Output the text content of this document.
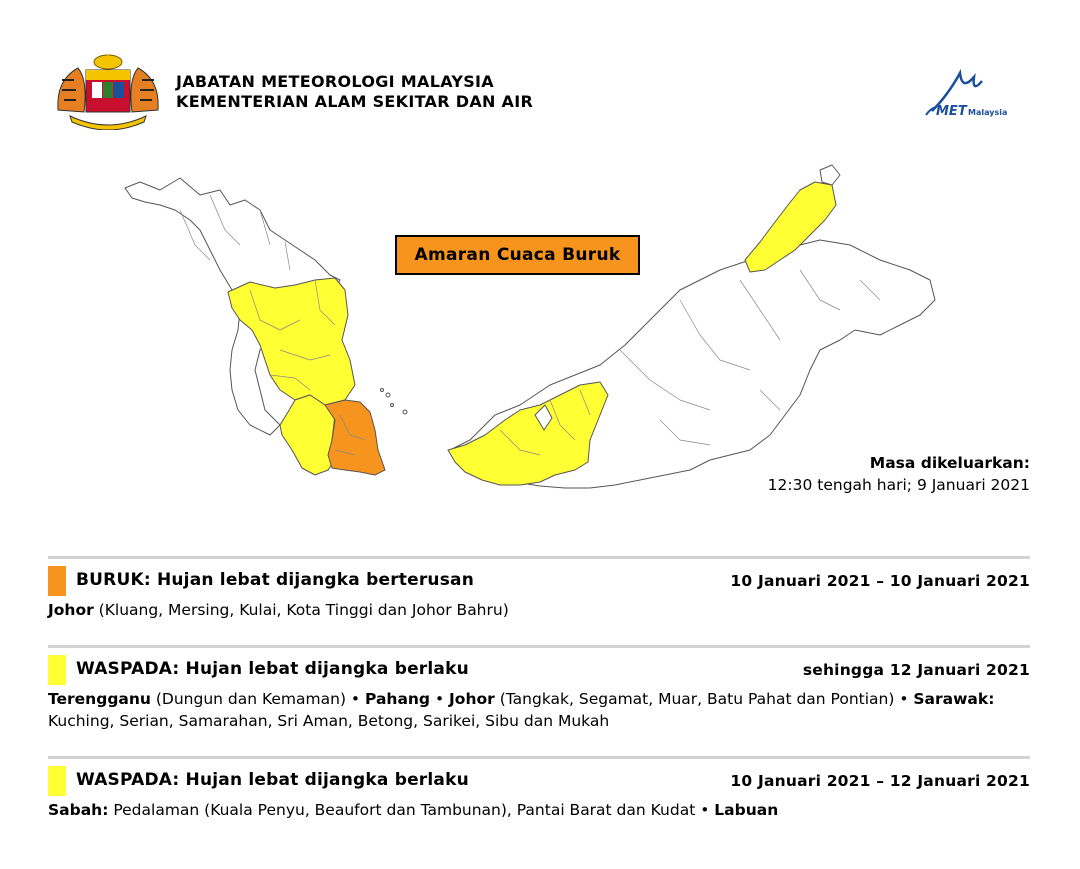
JABATAN METEOROLOGI MALAYSIA
KEMENTERIAN ALAM SEKITAR DAN AIR
MET Malaysia
Amaran Cuaca Buruk
Masa dikeluarkan:
12:30 tengah hari; 9 Januari 2021
BURUK: Hujan lebat dijangka berterusan	10 Januari 2021 – 10 Januari 2021
Johor (Kluang, Mersing, Kulai, Kota Tinggi dan Johor Bahru)
WASPADA: Hujan lebat dijangka berlaku	sehingga 12 Januari 2021
Terengganu (Dungun dan Kemaman) • Pahang • Johor (Tangkak, Segamat, Muar, Batu Pahat dan Pontian) • Sarawak: Kuching, Serian, Samarahan, Sri Aman, Betong, Sarikei, Sibu dan Mukah
WASPADA: Hujan lebat dijangka berlaku	10 Januari 2021 – 12 Januari 2021
Sabah: Pedalaman (Kuala Penyu, Beaufort dan Tambunan), Pantai Barat dan Kudat • Labuan
